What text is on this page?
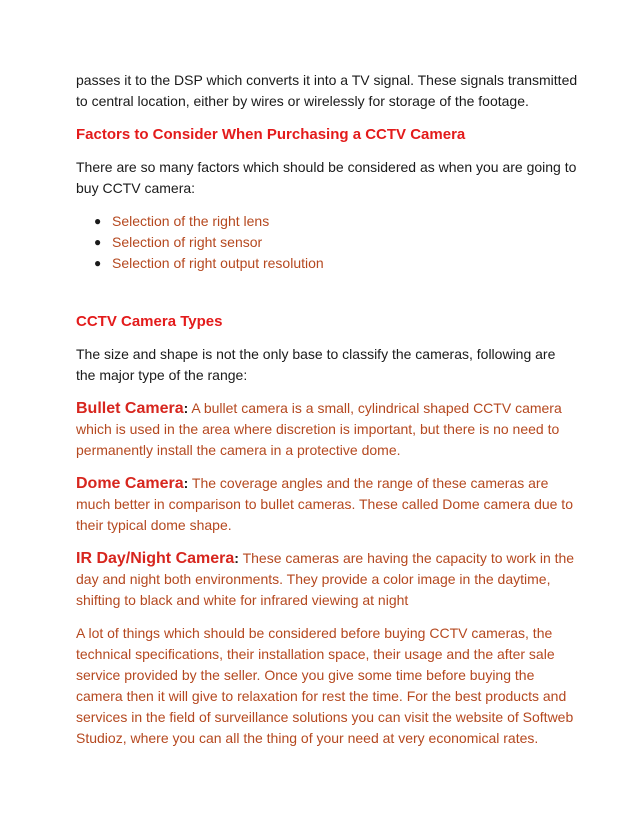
passes it to the DSP which converts it into a TV signal. These signals transmitted to central location, either by wires or wirelessly for storage of the footage.

Factors to Consider When Purchasing a CCTV Camera

There are so many factors which should be considered as when you are going to buy CCTV camera:

● Selection of the right lens
● Selection of right sensor
● Selection of right output resolution

CCTV Camera Types

The size and shape is not the only base to classify the cameras, following are the major type of the range:

Bullet Camera: A bullet camera is a small, cylindrical shaped CCTV camera which is used in the area where discretion is important, but there is no need to permanently install the camera in a protective dome.

Dome Camera: The coverage angles and the range of these cameras are much better in comparison to bullet cameras. These called Dome camera due to their typical dome shape.

IR Day/Night Camera: These cameras are having the capacity to work in the day and night both environments. They provide a color image in the daytime, shifting to black and white for infrared viewing at night

A lot of things which should be considered before buying CCTV cameras, the technical specifications, their installation space, their usage and the after sale service provided by the seller. Once you give some time before buying the camera then it will give to relaxation for rest the time. For the best products and services in the field of surveillance solutions you can visit the website of Softweb Studioz, where you can all the thing of your need at very economical rates.
